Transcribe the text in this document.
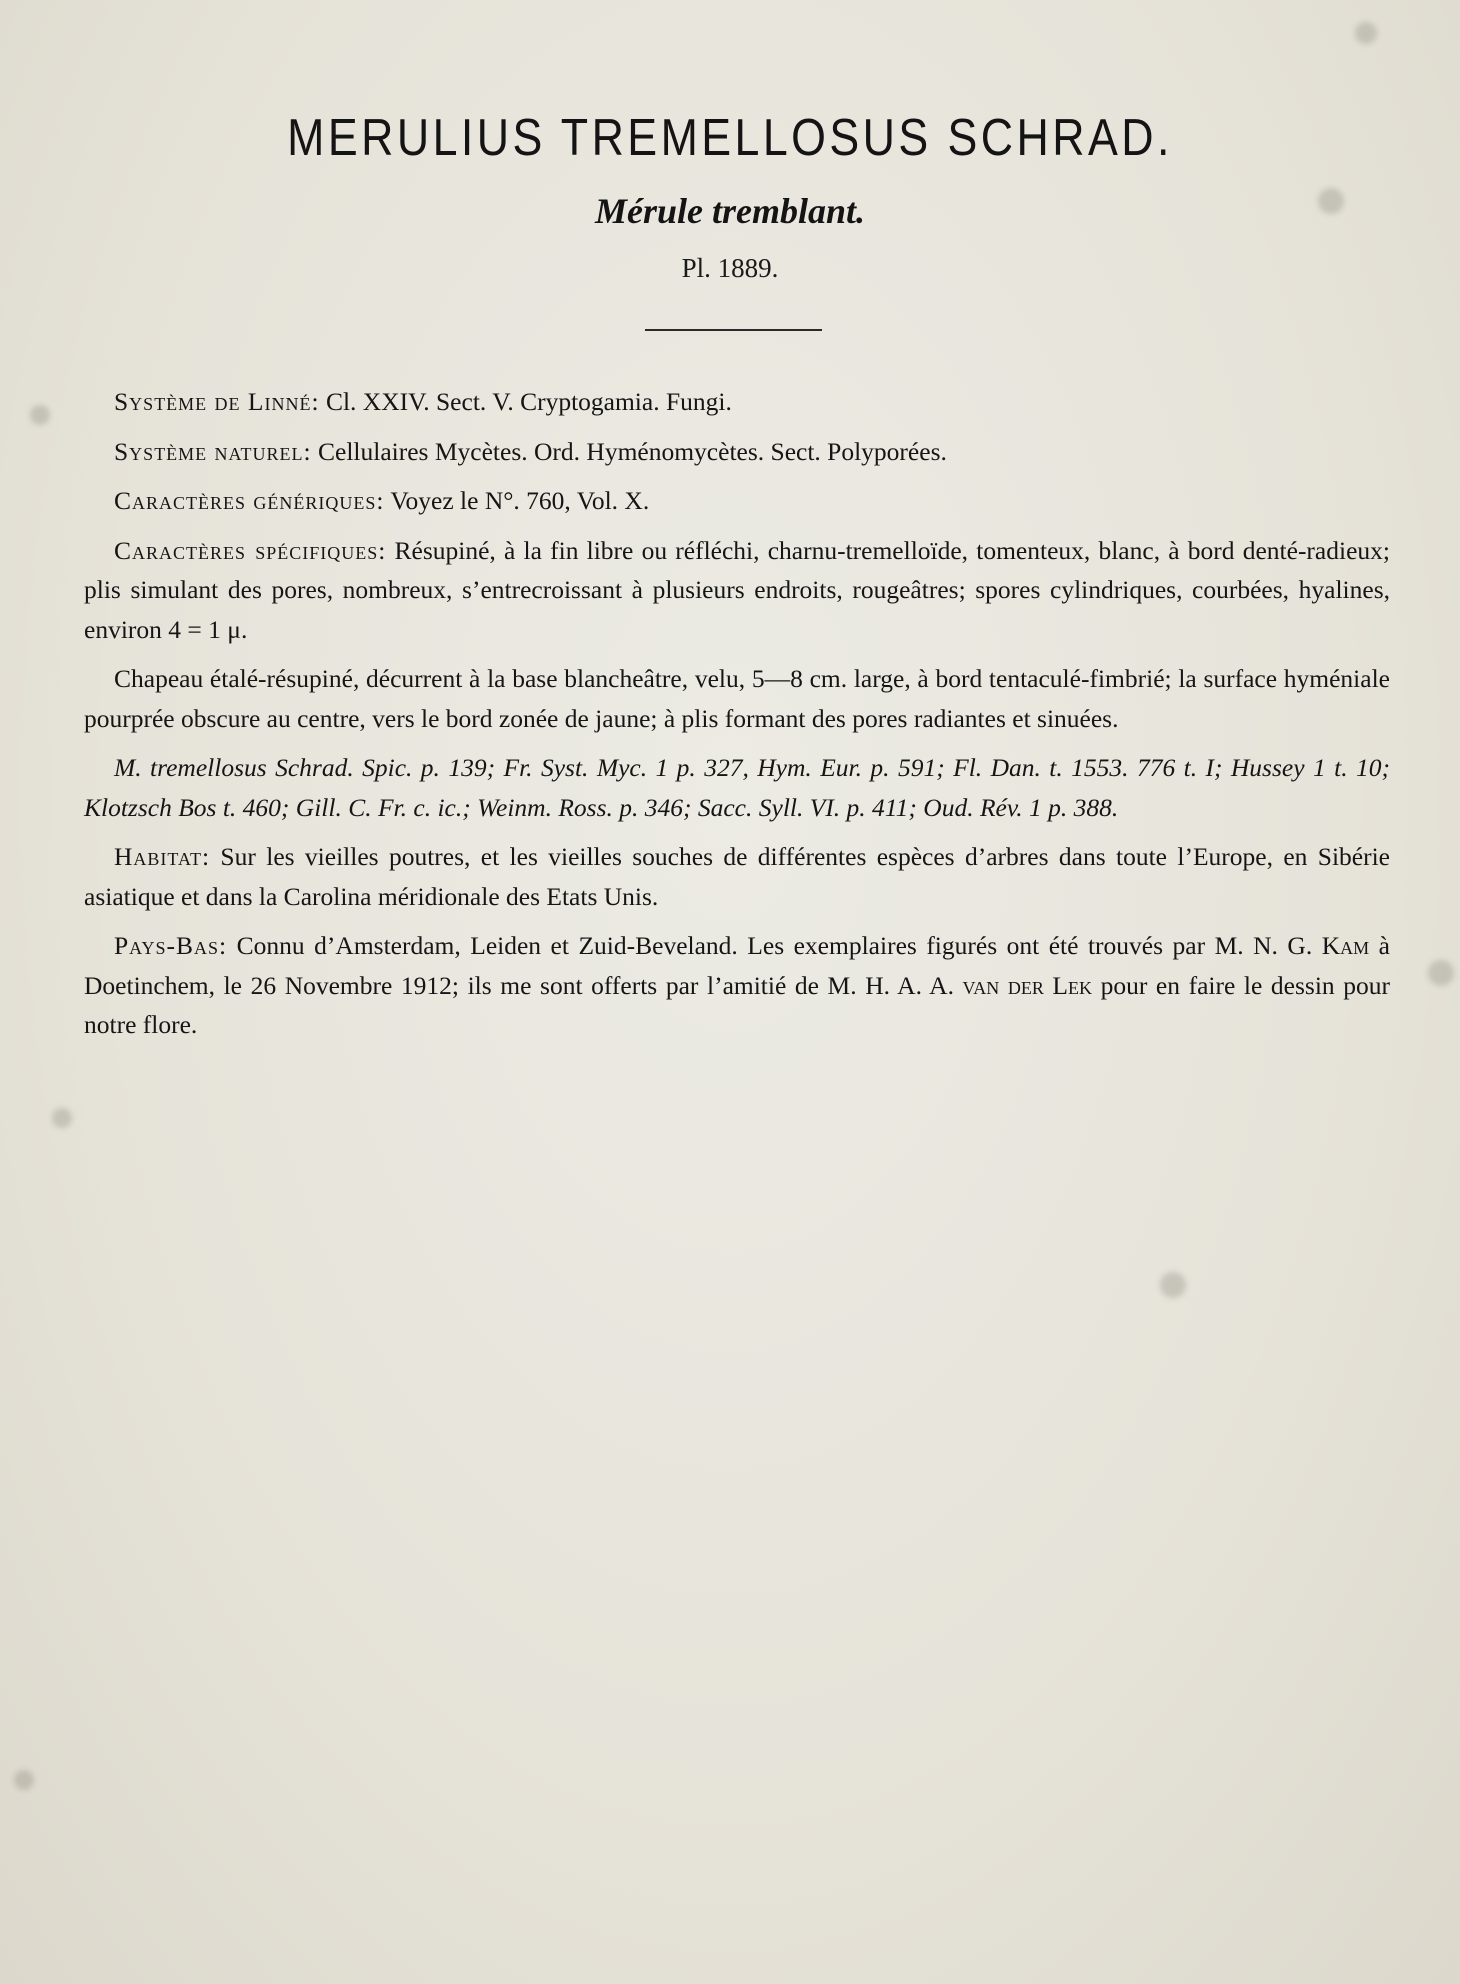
MERULIUS TREMELLOSUS SCHRAD.
Mérule tremblant.
Pl. 1889.

Système de Linné: Cl. XXIV. Sect. V. Cryptogamia. Fungi.

Système naturel: Cellulaires Mycètes. Ord. Hyménomycètes. Sect. Polyporées.

Caractères génériques: Voyez le N°. 760, Vol. X.

Caractères spécifiques: Résupiné, à la fin libre ou réfléchi, charnu-tremelloïde, tomenteux, blanc, à bord denté-radieux; plis simulant des pores, nombreux, s’entrecroissant à plusieurs endroits, rougeâtres; spores cylindriques, courbées, hyalines, environ 4 = 1 μ.

Chapeau étalé-résupiné, décurrent à la base blancheâtre, velu, 5—8 cm. large, à bord tentaculé-fimbrié; la surface hyméniale pourprée obscure au centre, vers le bord zonée de jaune; à plis formant des pores radiantes et sinuées.

M. tremellosus Schrad. Spic. p. 139; Fr. Syst. Myc. 1 p. 327, Hym. Eur. p. 591; Fl. Dan. t. 1553. 776 t. I; Hussey 1 t. 10; Klotzsch Bos t. 460; Gill. C. Fr. c. ic.; Weinm. Ross. p. 346; Sacc. Syll. VI. p. 411; Oud. Rév. 1 p. 388.

Habitat: Sur les vieilles poutres, et les vieilles souches de différentes espèces d’arbres dans toute l’Europe, en Sibérie asiatique et dans la Carolina méridionale des Etats Unis.

Pays-Bas: Connu d’Amsterdam, Leiden et Zuid-Beveland. Les exemplaires figurés ont été trouvés par M. N. G. Kam à Doetinchem, le 26 Novembre 1912; ils me sont offerts par l’amitié de M. H. A. A. van der Lek pour en faire le dessin pour notre flore.
